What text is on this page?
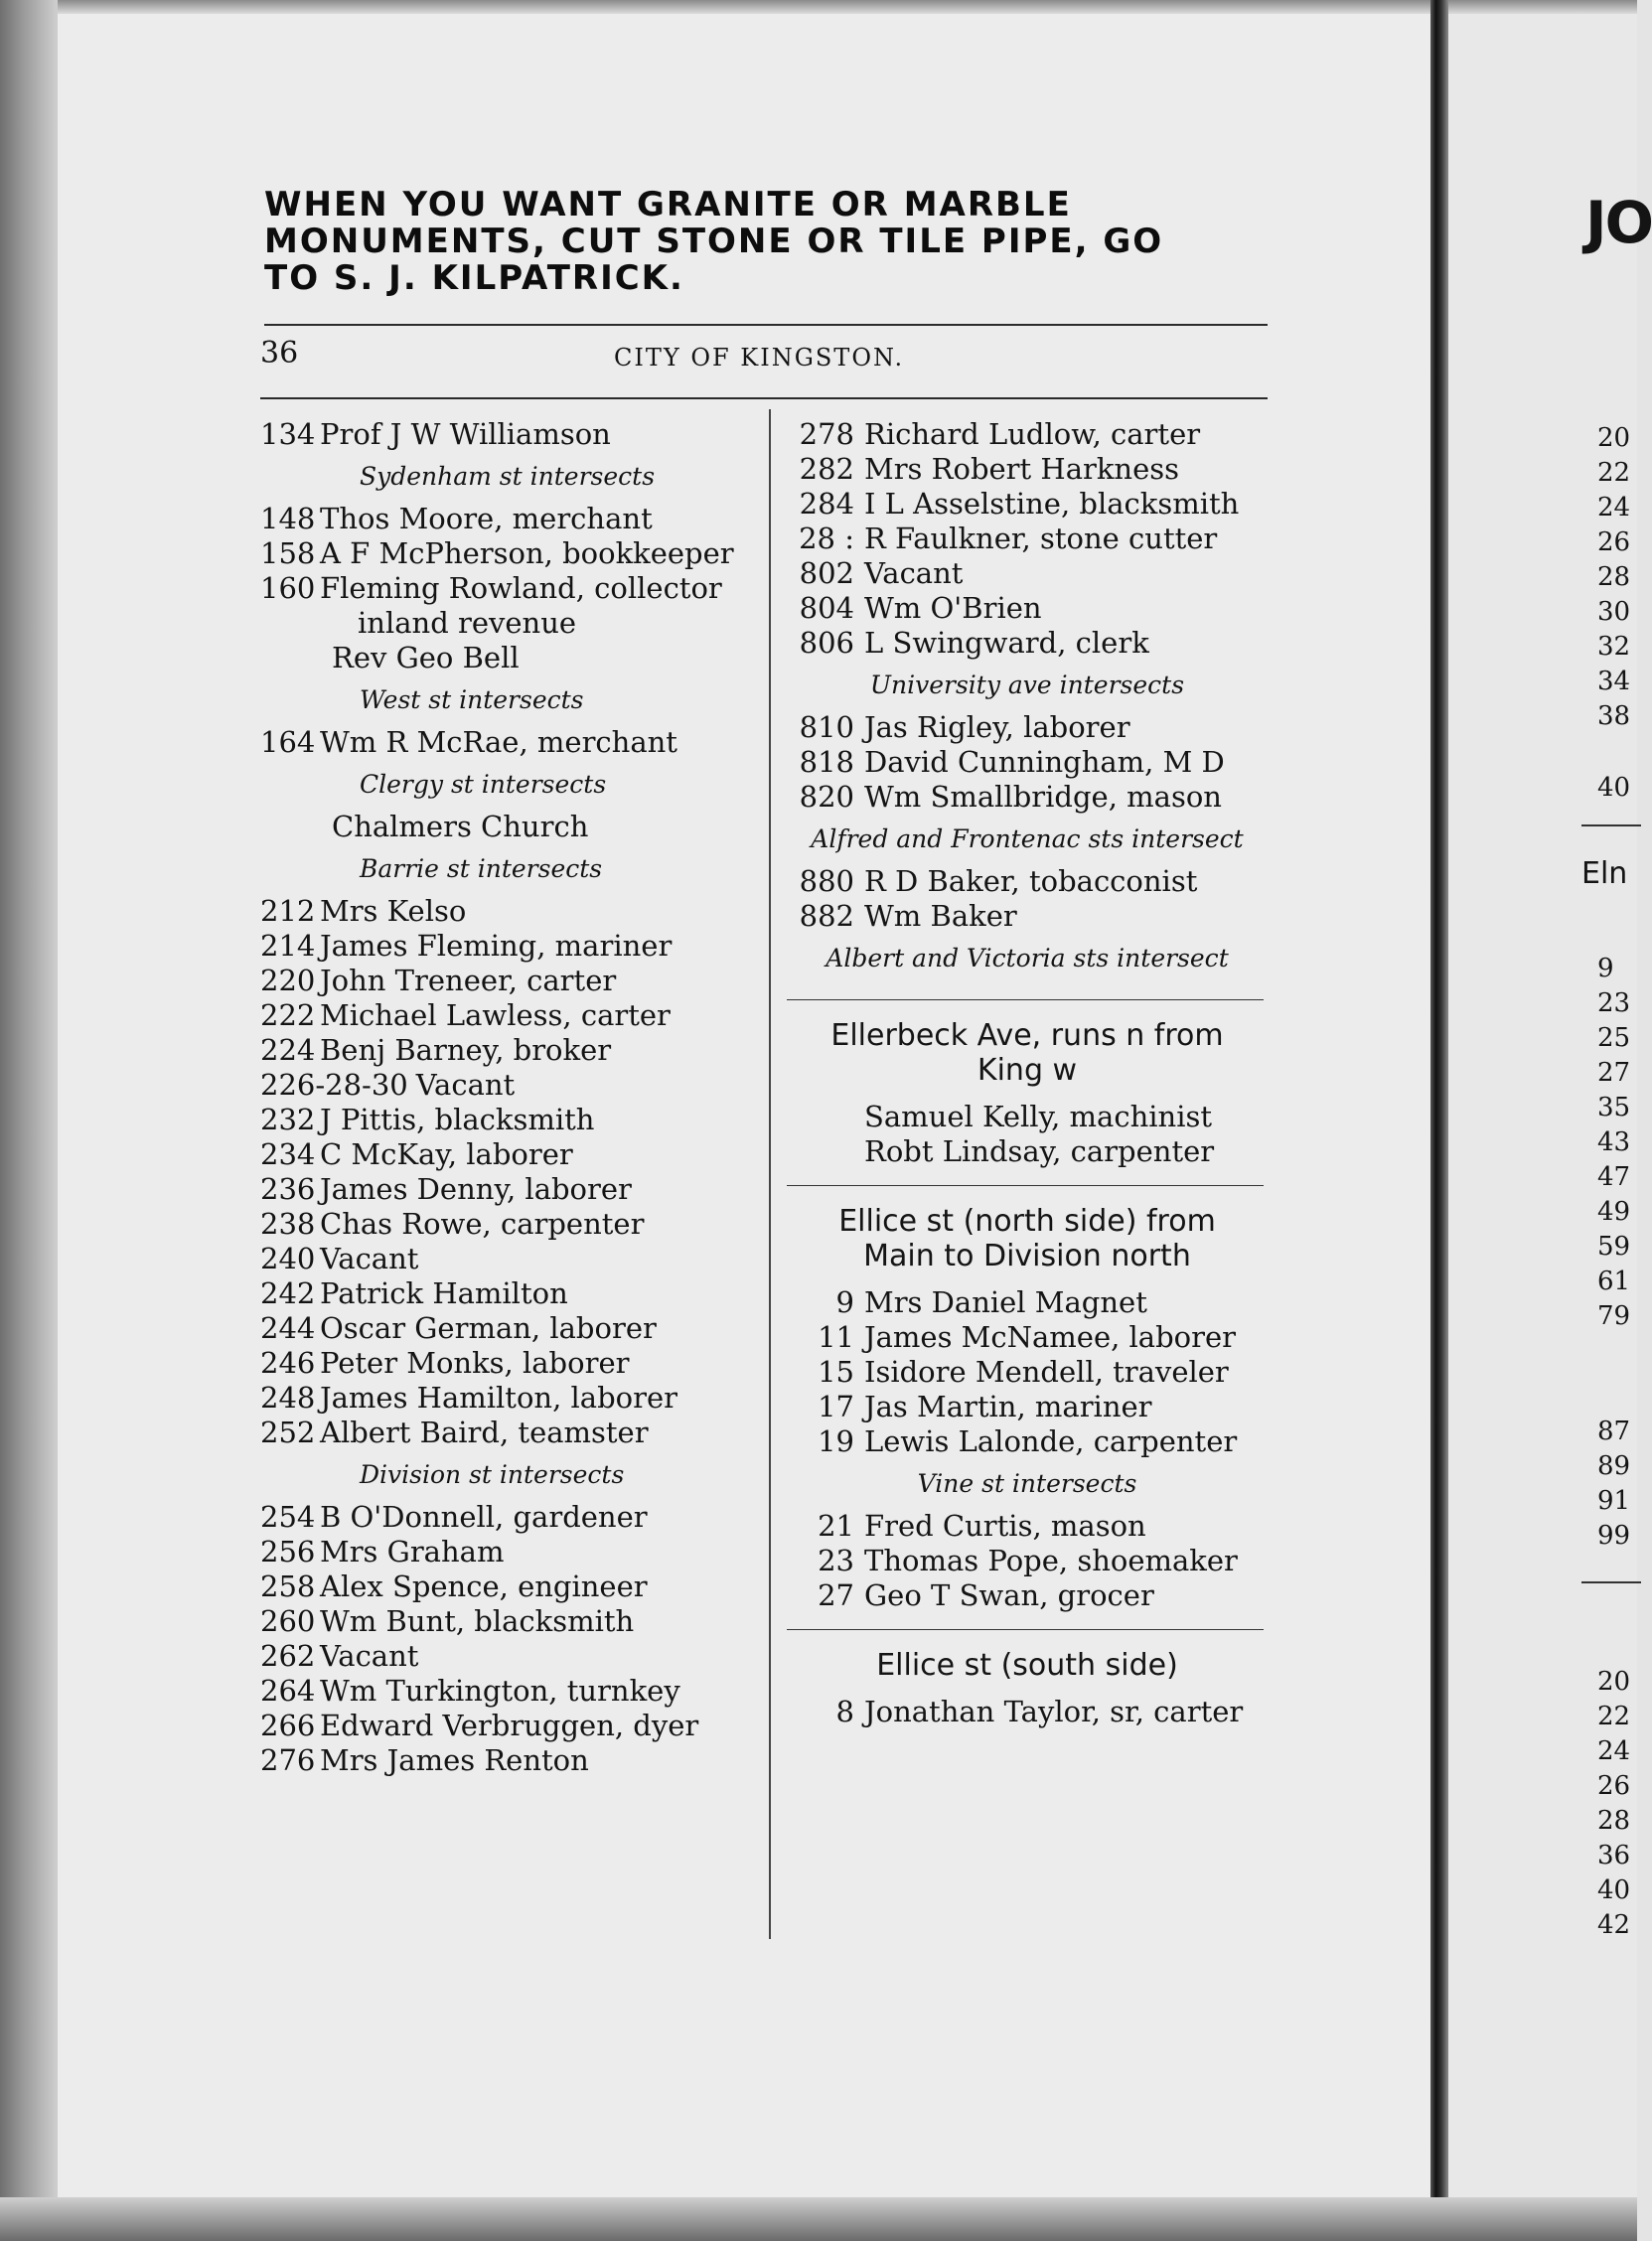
WHEN YOU WANT GRANITE OR MARBLE
MONUMENTS, CUT STONE OR TILE PIPE, GO
TO S. J. KILPATRICK.
36	CITY OF KINGSTON.
134 Prof J W Williamson
Sydenham st intersects
148 Thos Moore, merchant
158 A F McPherson, bookkeeper
160 Fleming Rowland, collector
inland revenue
Rev Geo Bell
West st intersects
164 Wm R McRae, merchant
Clergy st intersects
Chalmers Church
Barrie st intersects
212 Mrs Kelso
214 James Fleming, mariner
220 John Treneer, carter
222 Michael Lawless, carter
224 Benj Barney, broker
226-28-30 Vacant
232 J Pittis, blacksmith
234 C McKay, laborer
236 James Denny, laborer
238 Chas Rowe, carpenter
240 Vacant
242 Patrick Hamilton
244 Oscar German, laborer
246 Peter Monks, laborer
248 James Hamilton, laborer
252 Albert Baird, teamster
Division st intersects
254 B O'Donnell, gardener
256 Mrs Graham
258 Alex Spence, engineer
260 Wm Bunt, blacksmith
262 Vacant
264 Wm Turkington, turnkey
266 Edward Verbruggen, dyer
276 Mrs James Renton
278 Richard Ludlow, carter
282 Mrs Robert Harkness
284 I L Asselstine, blacksmith
28 : R Faulkner, stone cutter
802 Vacant
804 Wm O'Brien
806 L Swingward, clerk
University ave intersects
810 Jas Rigley, laborer
818 David Cunningham, M D
820 Wm Smallbridge, mason
Alfred and Frontenac sts intersect
880 R D Baker, tobacconist
882 Wm Baker
Albert and Victoria sts intersect
Ellerbeck Ave, runs n from
King w
Samuel Kelly, machinist
Robt Lindsay, carpenter
Ellice st (north side) from
Main to Division north
9 Mrs Daniel Magnet
11 James McNamee, laborer
15 Isidore Mendell, traveler
17 Jas Martin, mariner
19 Lewis Lalonde, carpenter
Vine st intersects
21 Fred Curtis, mason
23 Thomas Pope, shoemaker
27 Geo T Swan, grocer
Ellice st (south side)
8 Jonathan Taylor, sr, carter
JO
20
22
24
26
28
30
32
34
38
40
Eln
9
23
25
27
35
43
47
49
59
61
79
87
89
91
99
20
22
24
26
28
36
40
42
